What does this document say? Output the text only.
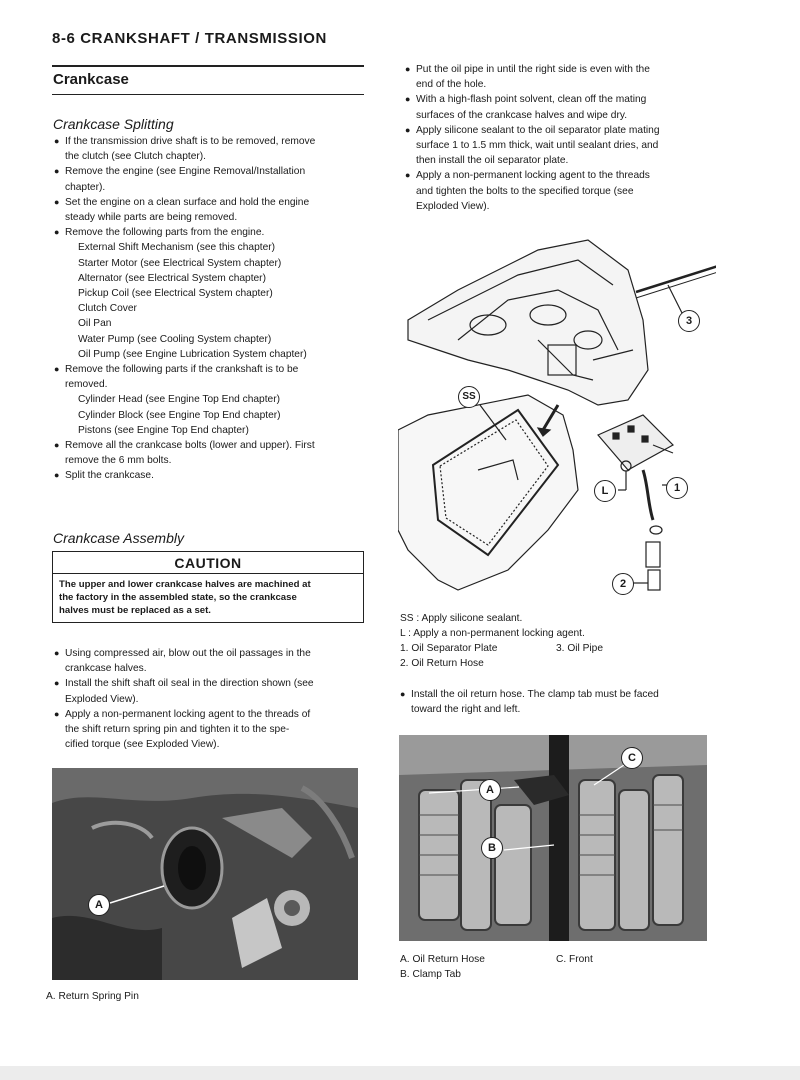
8-6 CRANKSHAFT / TRANSMISSION
Crankcase
Crankcase Splitting
● If the transmission drive shaft is to be removed, remove
the clutch (see Clutch chapter).
● Remove the engine (see Engine Removal/Installation
chapter).
● Set the engine on a clean surface and hold the engine
steady while parts are being removed.
● Remove the following parts from the engine.
External Shift Mechanism (see this chapter)
Starter Motor (see Electrical System chapter)
Alternator (see Electrical System chapter)
Pickup Coil (see Electrical System chapter)
Clutch Cover
Oil Pan
Water Pump (see Cooling System chapter)
Oil Pump (see Engine Lubrication System chapter)
● Remove the following parts if the crankshaft is to be
removed.
Cylinder Head (see Engine Top End chapter)
Cylinder Block (see Engine Top End chapter)
Pistons (see Engine Top End chapter)
● Remove all the crankcase bolts (lower and upper). First
remove the 6 mm bolts.
● Split the crankcase.
Crankcase Assembly
CAUTION
The upper and lower crankcase halves are machined at
the factory in the assembled state, so the crankcase
halves must be replaced as a set.
● Using compressed air, blow out the oil passages in the
crankcase halves.
● Install the shift shaft oil seal in the direction shown (see
Exploded View).
● Apply a non-permanent locking agent to the threads of
the shift return spring pin and tighten it to the spe-
cified torque (see Exploded View).
A
A. Return Spring Pin
● Put the oil pipe in until the right side is even with the
end of the hole.
● With a high-flash point solvent, clean off the mating
surfaces of the crankcase halves and wipe dry.
● Apply silicone sealant to the oil separator plate mating
surface 1 to 1.5 mm thick, wait until sealant dries, and
then install the oil separator plate.
● Apply a non-permanent locking agent to the threads
and tighten the bolts to the specified torque (see
Exploded View).
SS
3
1
L
2
SS : Apply silicone sealant.
L : Apply a non-permanent locking agent.
1. Oil Separator Plate	3. Oil Pipe
2. Oil Return Hose
● Install the oil return hose. The clamp tab must be faced
toward the right and left.
A
B
C
A. Oil Return Hose	C. Front
B. Clamp Tab
